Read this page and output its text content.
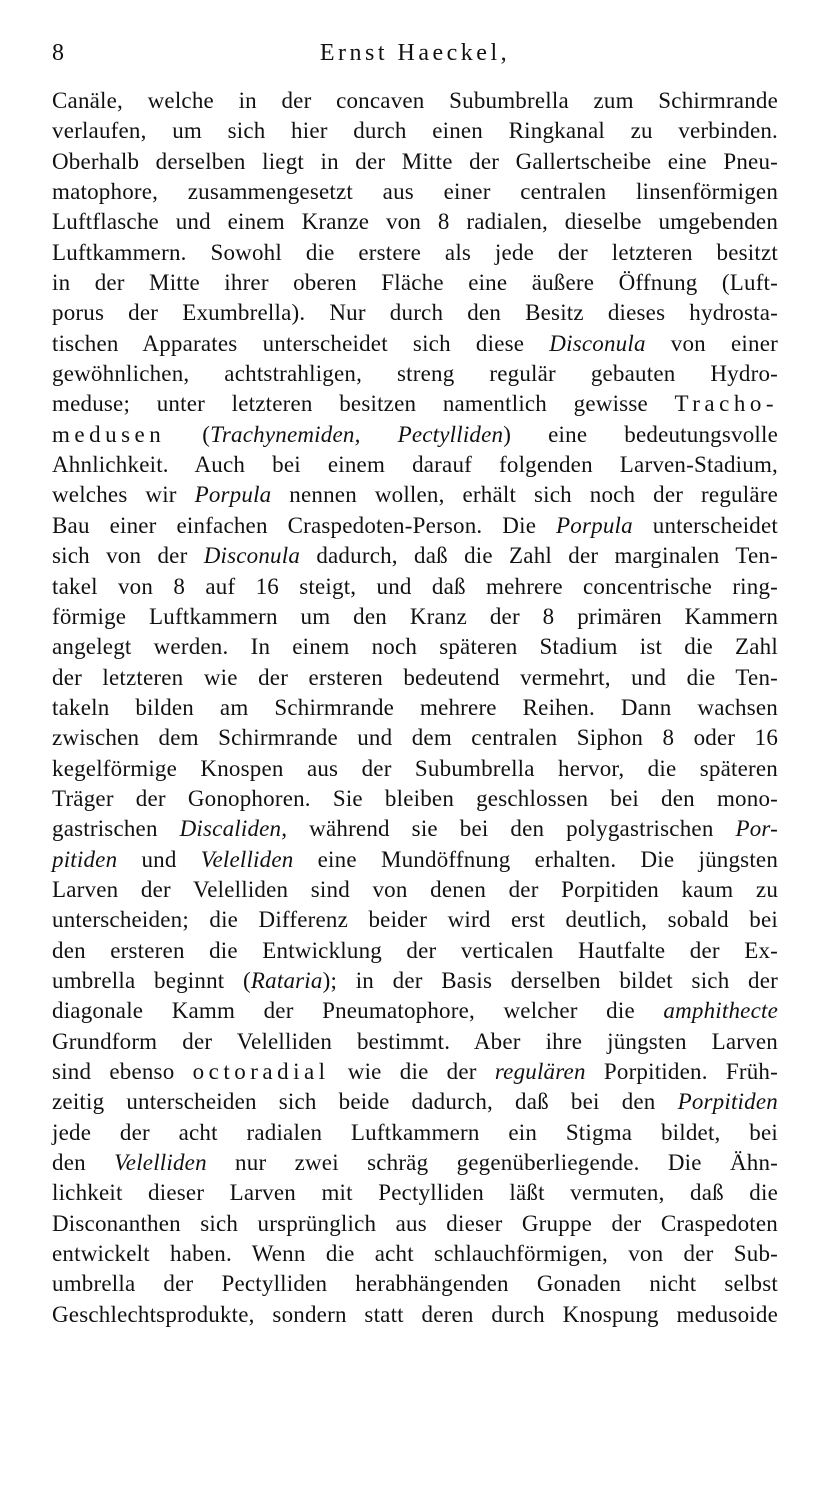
8	Ernst Haeckel,
Canäle, welche in der concaven Subumbrella zum Schirmrande
verlaufen, um sich hier durch einen Ringkanal zu verbinden.
Oberhalb derselben liegt in der Mitte der Gallertscheibe eine Pneu-
matophore, zusammengesetzt aus einer centralen linsenförmigen
Luftflasche und einem Kranze von 8 radialen, dieselbe umgebenden
Luftkammern. Sowohl die erstere als jede der letzteren besitzt
in der Mitte ihrer oberen Fläche eine äußere Öffnung (Luft-
porus der Exumbrella). Nur durch den Besitz dieses hydrosta-
tischen Apparates unterscheidet sich diese Disconula von einer
gewöhnlichen, achtstrahligen, streng regulär gebauten Hydro-
meduse; unter letzteren besitzen namentlich gewisse Tracho-
medusen (Trachynemiden, Pectylliden) eine bedeutungsvolle
Ahnlichkeit. Auch bei einem darauf folgenden Larven-Stadium,
welches wir Porpula nennen wollen, erhält sich noch der reguläre
Bau einer einfachen Craspedoten-Person. Die Porpula unterscheidet
sich von der Disconula dadurch, daß die Zahl der marginalen Ten-
takel von 8 auf 16 steigt, und daß mehrere concentrische ring-
förmige Luftkammern um den Kranz der 8 primären Kammern
angelegt werden. In einem noch späteren Stadium ist die Zahl
der letzteren wie der ersteren bedeutend vermehrt, und die Ten-
takeln bilden am Schirmrande mehrere Reihen. Dann wachsen
zwischen dem Schirmrande und dem centralen Siphon 8 oder 16
kegelförmige Knospen aus der Subumbrella hervor, die späteren
Träger der Gonophoren. Sie bleiben geschlossen bei den mono-
gastrischen Discaliden, während sie bei den polygastrischen Por-
pitiden und Velelliden eine Mundöffnung erhalten. Die jüngsten
Larven der Velelliden sind von denen der Porpitiden kaum zu
unterscheiden; die Differenz beider wird erst deutlich, sobald bei
den ersteren die Entwicklung der verticalen Hautfalte der Ex-
umbrella beginnt (Rataria); in der Basis derselben bildet sich der
diagonale Kamm der Pneumatophore, welcher die amphithecte
Grundform der Velelliden bestimmt. Aber ihre jüngsten Larven
sind ebenso octoradial wie die der regulären Porpitiden. Früh-
zeitig unterscheiden sich beide dadurch, daß bei den Porpitiden
jede der acht radialen Luftkammern ein Stigma bildet, bei
den Velelliden nur zwei schräg gegenüberliegende. Die Ähn-
lichkeit dieser Larven mit Pectylliden läßt vermuten, daß die
Disconanthen sich ursprünglich aus dieser Gruppe der Craspedoten
entwickelt haben. Wenn die acht schlauchförmigen, von der Sub-
umbrella der Pectylliden herabhängenden Gonaden nicht selbst
Geschlechtsprodukte, sondern statt deren durch Knospung medusoide
